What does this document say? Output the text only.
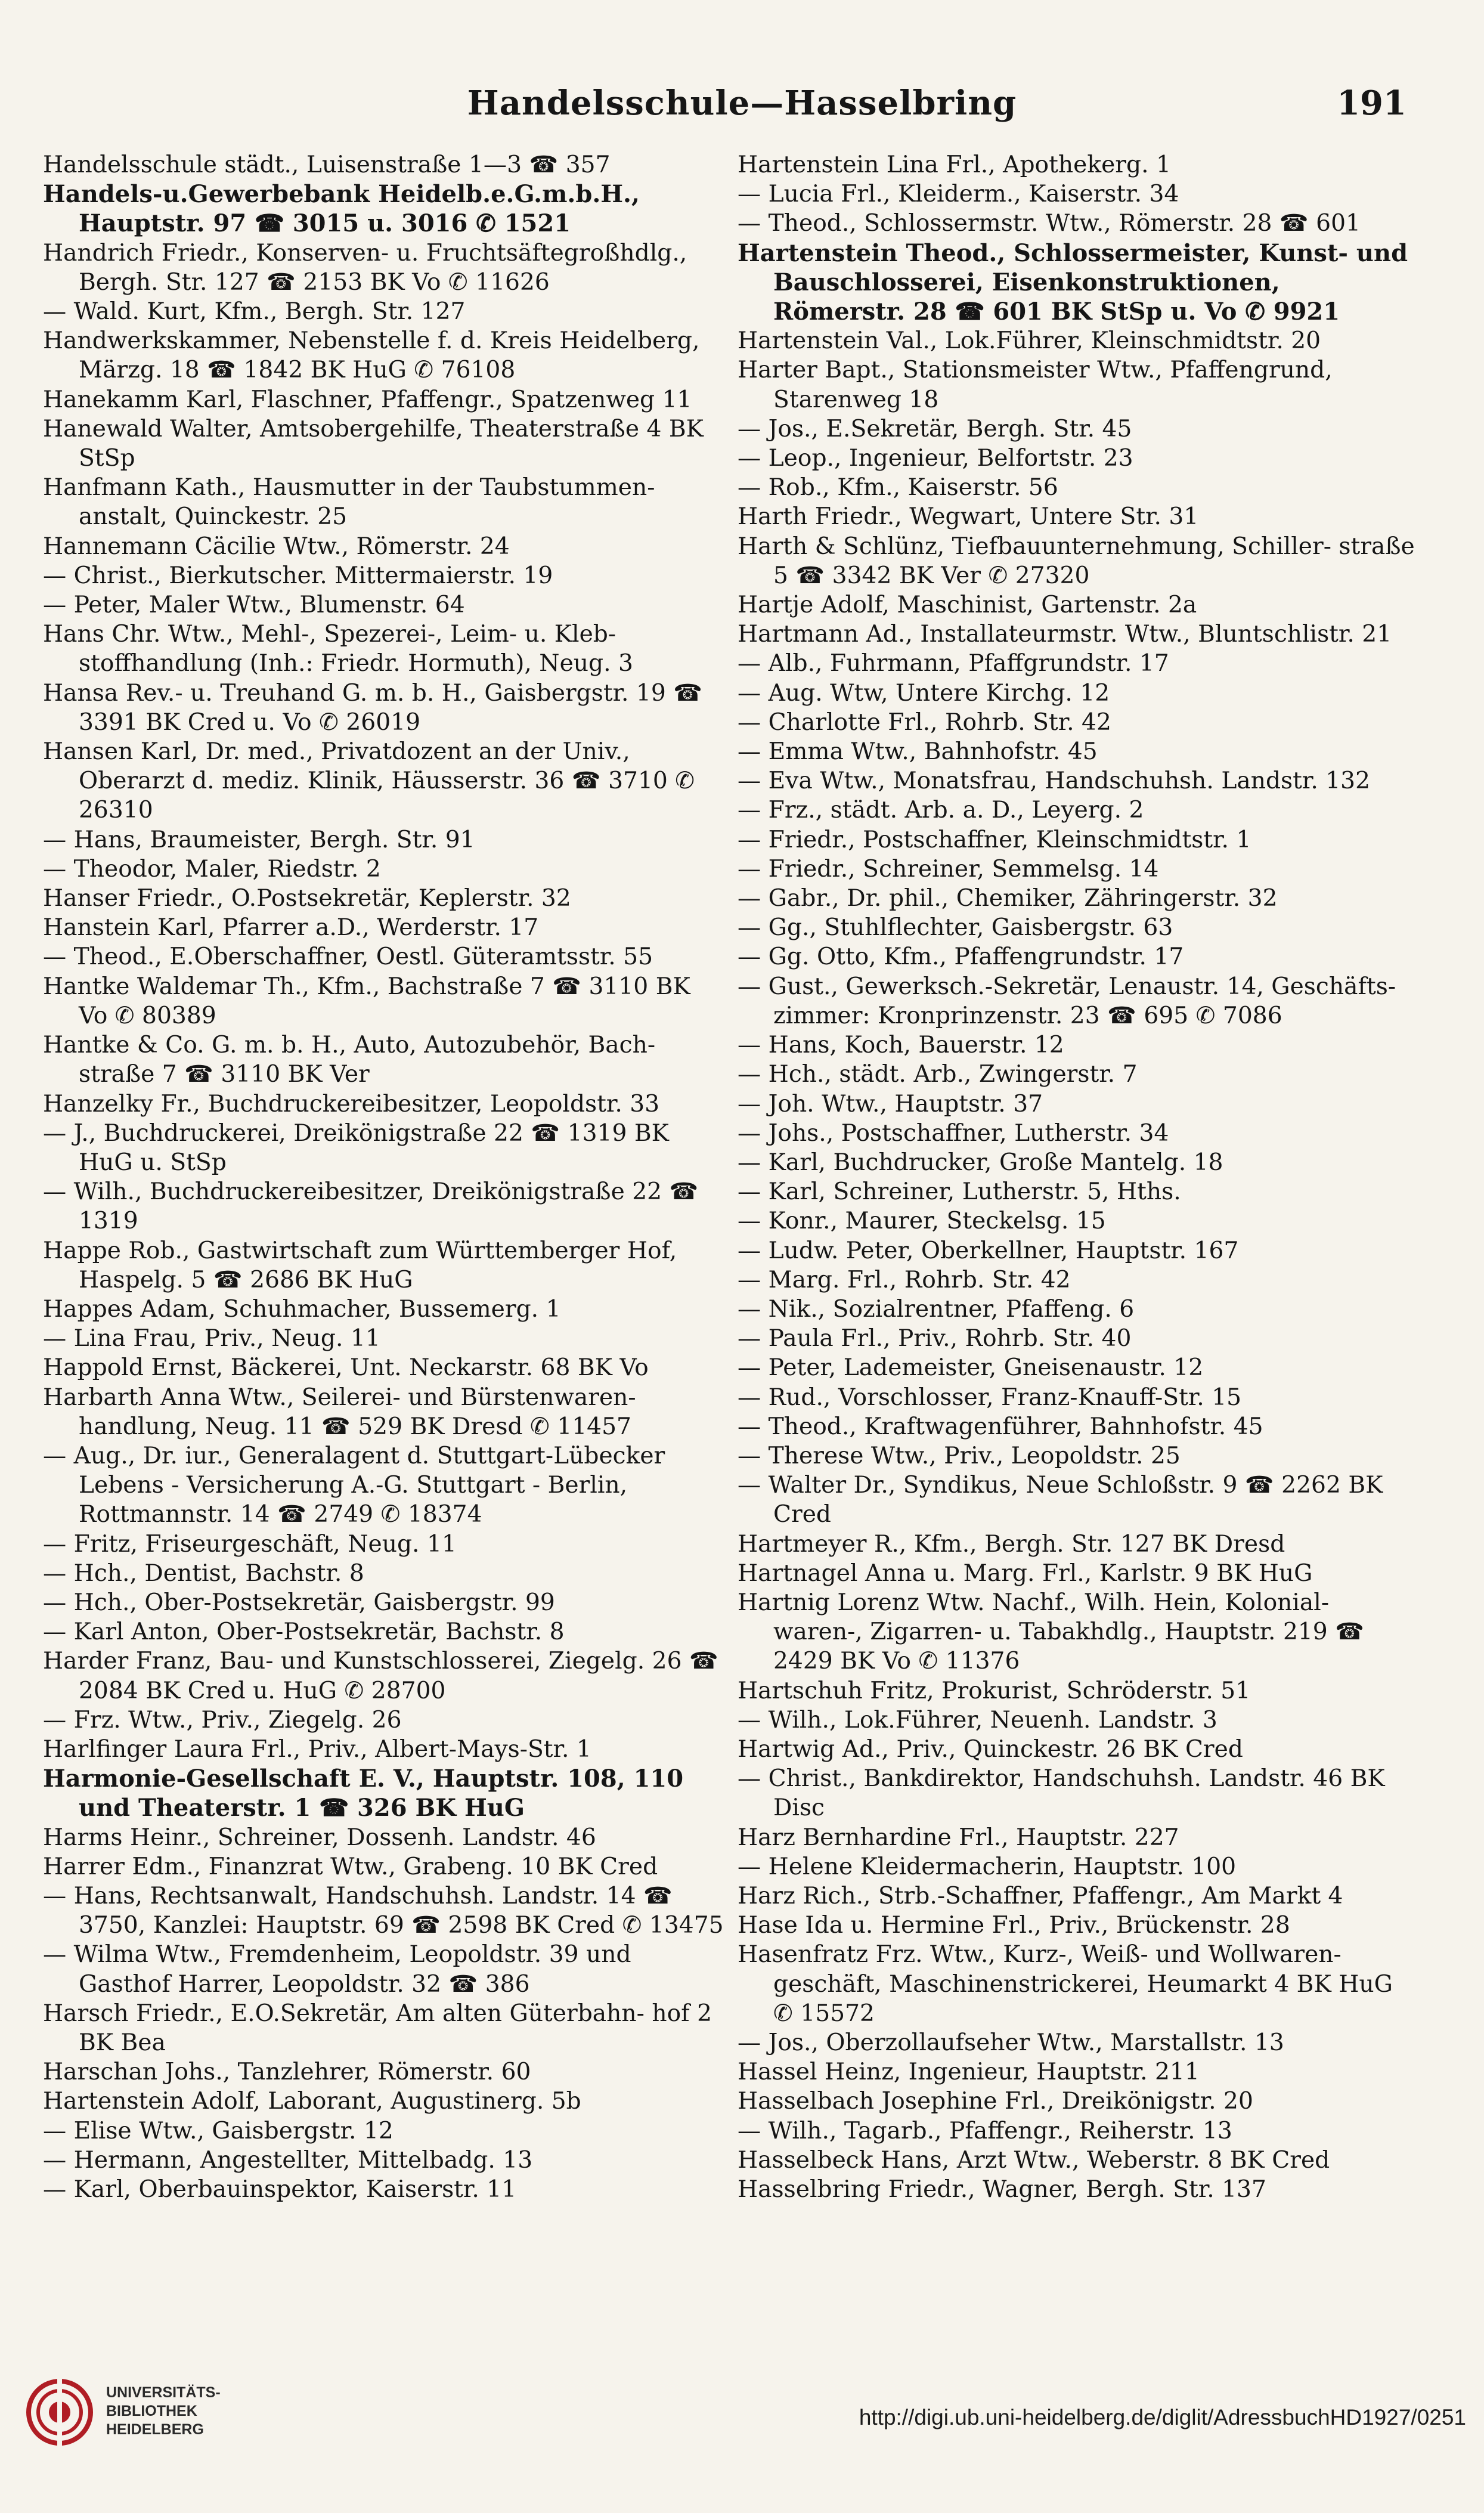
Handelsschule—Hasselbring	191

Handelsschule städt., Luisenstraße 1—3 ☎ 357

Handels-u.Gewerbebank Heidelb.e.G.m.b.H., Hauptstr. 97 ☎ 3015 u. 3016 ✆ 1521

Handrich Friedr., Konserven- u. Fruchtsäftegroßhdlg., Bergh. Str. 127 ☎ 2153 BK Vo ✆ 11626

— Wald. Kurt, Kfm., Bergh. Str. 127

Handwerkskammer, Nebenstelle f. d. Kreis Heidelberg, Märzg. 18 ☎ 1842 BK HuG ✆ 76108

Hanekamm Karl, Flaschner, Pfaffengr., Spatzenweg 11

Hanewald Walter, Amtsobergehilfe, Theaterstraße 4 BK StSp

Hanfmann Kath., Hausmutter in der Taubstummen- anstalt, Quinckestr. 25

Hannemann Cäcilie Wtw., Römerstr. 24

— Christ., Bierkutscher. Mittermaierstr. 19

— Peter, Maler Wtw., Blumenstr. 64

Hans Chr. Wtw., Mehl-, Spezerei-, Leim- u. Kleb- stoffhandlung (Inh.: Friedr. Hormuth), Neug. 3

Hansa Rev.- u. Treuhand G. m. b. H., Gaisbergstr. 19 ☎ 3391 BK Cred u. Vo ✆ 26019

Hansen Karl, Dr. med., Privatdozent an der Univ., Oberarzt d. mediz. Klinik, Häusserstr. 36 ☎ 3710 ✆ 26310

— Hans, Braumeister, Bergh. Str. 91

— Theodor, Maler, Riedstr. 2

Hanser Friedr., O.Postsekretär, Keplerstr. 32

Hanstein Karl, Pfarrer a.D., Werderstr. 17

— Theod., E.Oberschaffner, Oestl. Güteramtsstr. 55

Hantke Waldemar Th., Kfm., Bachstraße 7 ☎ 3110 BK Vo ✆ 80389

Hantke & Co. G. m. b. H., Auto, Autozubehör, Bach- straße 7 ☎ 3110 BK Ver

Hanzelky Fr., Buchdruckereibesitzer, Leopoldstr. 33

— J., Buchdruckerei, Dreikönigstraße 22 ☎ 1319 BK HuG u. StSp

— Wilh., Buchdruckereibesitzer, Dreikönigstraße 22 ☎ 1319

Happe Rob., Gastwirtschaft zum Württemberger Hof, Haspelg. 5 ☎ 2686 BK HuG

Happes Adam, Schuhmacher, Bussemerg. 1

— Lina Frau, Priv., Neug. 11

Happold Ernst, Bäckerei, Unt. Neckarstr. 68 BK Vo

Harbarth Anna Wtw., Seilerei- und Bürstenwaren- handlung, Neug. 11 ☎ 529 BK Dresd ✆ 11457

— Aug., Dr. iur., Generalagent d. Stuttgart-Lübecker Lebens - Versicherung A.-G. Stuttgart - Berlin, Rottmannstr. 14 ☎ 2749 ✆ 18374

— Fritz, Friseurgeschäft, Neug. 11

— Hch., Dentist, Bachstr. 8

— Hch., Ober-Postsekretär, Gaisbergstr. 99

— Karl Anton, Ober-Postsekretär, Bachstr. 8

Harder Franz, Bau- und Kunstschlosserei, Ziegelg. 26 ☎ 2084 BK Cred u. HuG ✆ 28700

— Frz. Wtw., Priv., Ziegelg. 26

Harlfinger Laura Frl., Priv., Albert-Mays-Str. 1

Harmonie-Gesellschaft E. V., Hauptstr. 108, 110 und Theaterstr. 1 ☎ 326 BK HuG

Harms Heinr., Schreiner, Dossenh. Landstr. 46

Harrer Edm., Finanzrat Wtw., Grabeng. 10 BK Cred

— Hans, Rechtsanwalt, Handschuhsh. Landstr. 14 ☎ 3750, Kanzlei: Hauptstr. 69 ☎ 2598 BK Cred ✆ 13475

— Wilma Wtw., Fremdenheim, Leopoldstr. 39 und Gasthof Harrer, Leopoldstr. 32 ☎ 386

Harsch Friedr., E.O.Sekretär, Am alten Güterbahn- hof 2 BK Bea

Harschan Johs., Tanzlehrer, Römerstr. 60

Hartenstein Adolf, Laborant, Augustinerg. 5b

— Elise Wtw., Gaisbergstr. 12

— Hermann, Angestellter, Mittelbadg. 13

— Karl, Oberbauinspektor, Kaiserstr. 11

Hartenstein Lina Frl., Apothekerg. 1

— Lucia Frl., Kleiderm., Kaiserstr. 34

— Theod., Schlossermstr. Wtw., Römerstr. 28 ☎ 601

Hartenstein Theod., Schlossermeister, Kunst- und Bauschlosserei, Eisenkonstruktionen, Römerstr. 28 ☎ 601 BK StSp u. Vo ✆ 9921

Hartenstein Val., Lok.Führer, Kleinschmidtstr. 20

Harter Bapt., Stationsmeister Wtw., Pfaffengrund, Starenweg 18

— Jos., E.Sekretär, Bergh. Str. 45

— Leop., Ingenieur, Belfortstr. 23

— Rob., Kfm., Kaiserstr. 56

Harth Friedr., Wegwart, Untere Str. 31

Harth & Schlünz, Tiefbauunternehmung, Schiller- straße 5 ☎ 3342 BK Ver ✆ 27320

Hartje Adolf, Maschinist, Gartenstr. 2a

Hartmann Ad., Installateurmstr. Wtw., Bluntschlistr. 21

— Alb., Fuhrmann, Pfaffgrundstr. 17

— Aug. Wtw, Untere Kirchg. 12

— Charlotte Frl., Rohrb. Str. 42

— Emma Wtw., Bahnhofstr. 45

— Eva Wtw., Monatsfrau, Handschuhsh. Landstr. 132

— Frz., städt. Arb. a. D., Leyerg. 2

— Friedr., Postschaffner, Kleinschmidtstr. 1

— Friedr., Schreiner, Semmelsg. 14

— Gabr., Dr. phil., Chemiker, Zähringerstr. 32

— Gg., Stuhlflechter, Gaisbergstr. 63

— Gg. Otto, Kfm., Pfaffengrundstr. 17

— Gust., Gewerksch.-Sekretär, Lenaustr. 14, Geschäfts- zimmer: Kronprinzenstr. 23 ☎ 695 ✆ 7086

— Hans, Koch, Bauerstr. 12

— Hch., städt. Arb., Zwingerstr. 7

— Joh. Wtw., Hauptstr. 37

— Johs., Postschaffner, Lutherstr. 34

— Karl, Buchdrucker, Große Mantelg. 18

— Karl, Schreiner, Lutherstr. 5, Hths.

— Konr., Maurer, Steckelsg. 15

— Ludw. Peter, Oberkellner, Hauptstr. 167

— Marg. Frl., Rohrb. Str. 42

— Nik., Sozialrentner, Pfaffeng. 6

— Paula Frl., Priv., Rohrb. Str. 40

— Peter, Lademeister, Gneisenaustr. 12

— Rud., Vorschlosser, Franz-Knauff-Str. 15

— Theod., Kraftwagenführer, Bahnhofstr. 45

— Therese Wtw., Priv., Leopoldstr. 25

— Walter Dr., Syndikus, Neue Schloßstr. 9 ☎ 2262 BK Cred

Hartmeyer R., Kfm., Bergh. Str. 127 BK Dresd

Hartnagel Anna u. Marg. Frl., Karlstr. 9 BK HuG

Hartnig Lorenz Wtw. Nachf., Wilh. Hein, Kolonial- waren-, Zigarren- u. Tabakhdlg., Hauptstr. 219 ☎ 2429 BK Vo ✆ 11376

Hartschuh Fritz, Prokurist, Schröderstr. 51

— Wilh., Lok.Führer, Neuenh. Landstr. 3

Hartwig Ad., Priv., Quinckestr. 26 BK Cred

— Christ., Bankdirektor, Handschuhsh. Landstr. 46 BK Disc

Harz Bernhardine Frl., Hauptstr. 227

— Helene Kleidermacherin, Hauptstr. 100

Harz Rich., Strb.-Schaffner, Pfaffengr., Am Markt 4

Hase Ida u. Hermine Frl., Priv., Brückenstr. 28

Hasenfratz Frz. Wtw., Kurz-, Weiß- und Wollwaren- geschäft, Maschinenstrickerei, Heumarkt 4 BK HuG ✆ 15572

— Jos., Oberzollaufseher Wtw., Marstallstr. 13

Hassel Heinz, Ingenieur, Hauptstr. 211

Hasselbach Josephine Frl., Dreikönigstr. 20

— Wilh., Tagarb., Pfaffengr., Reiherstr. 13

Hasselbeck Hans, Arzt Wtw., Weberstr. 8 BK Cred

Hasselbring Friedr., Wagner, Bergh. Str. 137

UNIVERSITÄTS-
BIBLIOTHEK
HEIDELBERG	http://digi.ub.uni-heidelberg.de/diglit/AdressbuchHD1927/0251
